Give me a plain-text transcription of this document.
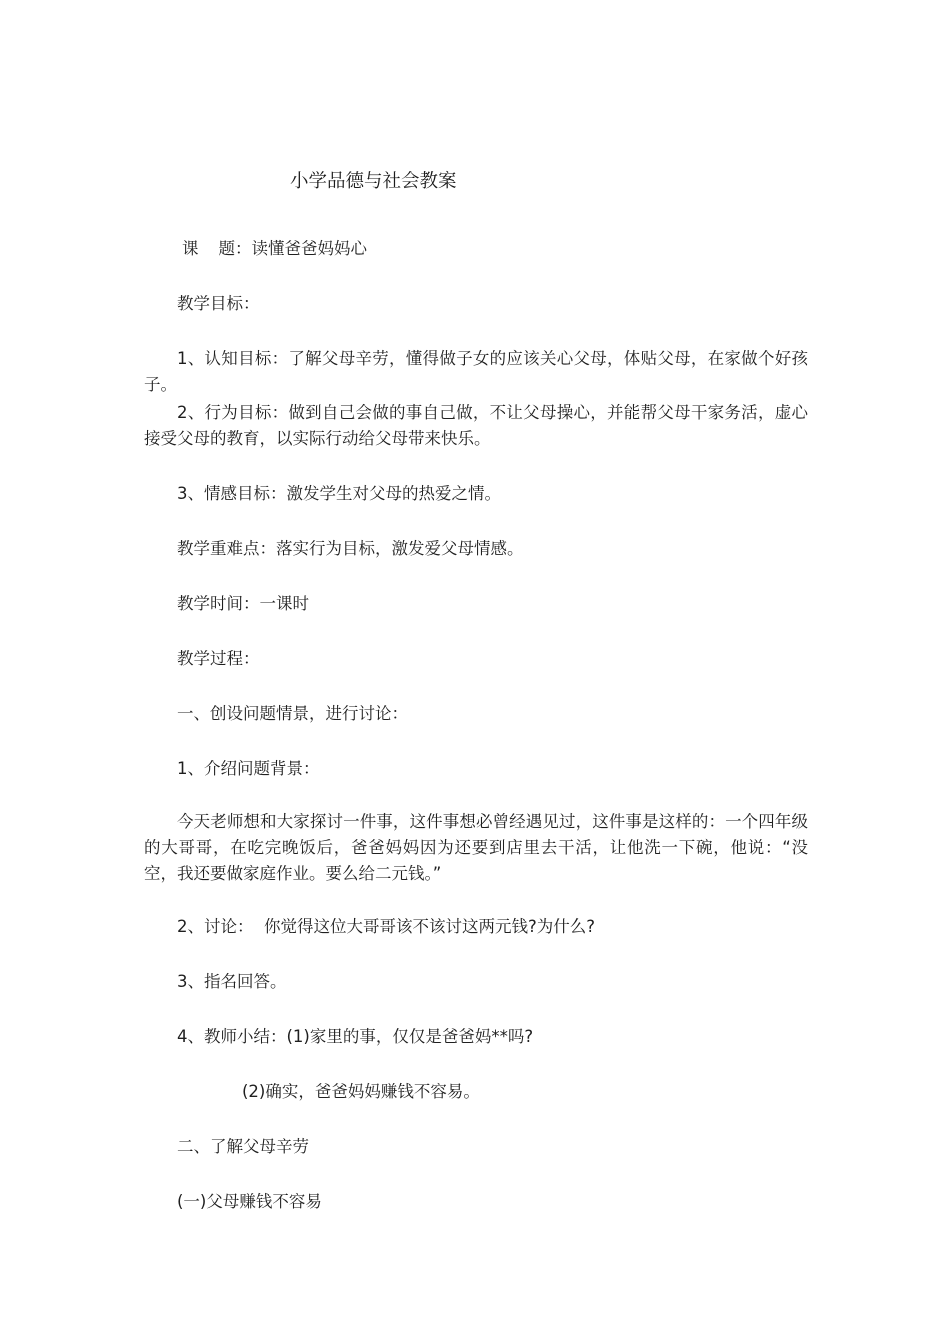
小学品德与社会教案
课 题：读懂爸爸妈妈心
教学目标：
1、认知目标：了解父母辛劳，懂得做子女的应该关心父母，体贴父母，在家做个好孩子。
2、行为目标：做到自己会做的事自己做，不让父母操心，并能帮父母干家务活，虚心接受父母的教育，以实际行动给父母带来快乐。
3、情感目标：激发学生对父母的热爱之情。
教学重难点：落实行为目标，激发爱父母情感。
教学时间：一课时
教学过程：
一、创设问题情景，进行讨论：
1、介绍问题背景：
今天老师想和大家探讨一件事，这件事想必曾经遇见过，这件事是这样的：一个四年级的大哥哥，在吃完晚饭后，爸爸妈妈因为还要到店里去干活，让他洗一下碗，他说：“没空，我还要做家庭作业。要么给二元钱。”
2、讨论：  你觉得这位大哥哥该不该讨这两元钱?为什么?
3、指名回答。
4、教师小结：(1)家里的事，仅仅是爸爸妈**吗?
(2)确实，爸爸妈妈赚钱不容易。
二、了解父母辛劳
(一)父母赚钱不容易
